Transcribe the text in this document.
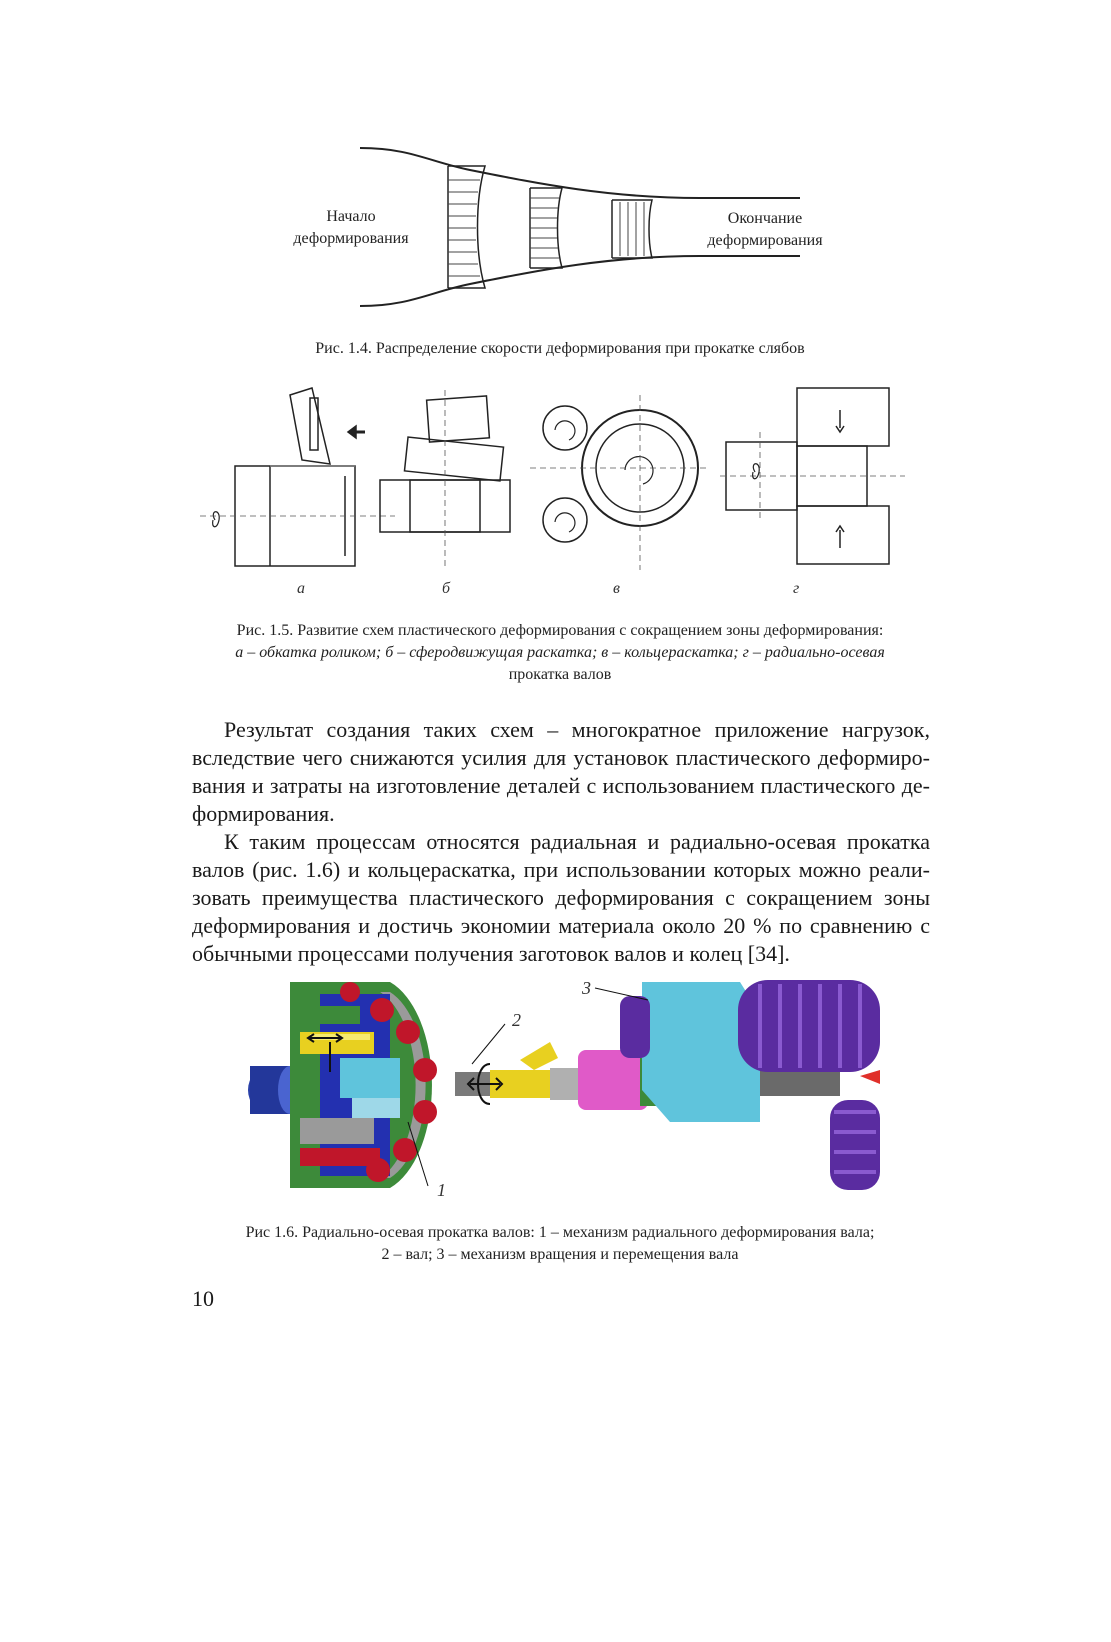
Начало
деформирования
Окончание
деформирования
Рис. 1.4. Распределение скорости деформирования при прокатке слябов
а	б	в	г
Рис. 1.5. Развитие схем пластического деформирования с сокращением зоны деформирования:
а – обкатка роликом; б – сферодвижущая раскатка; в – кольцераскатка; г – радиально-осевая
прокатка валов

Результат создания таких схем – многократное приложение нагрузок, вследствие чего снижаются усилия для установок пластического деформирования и затраты на изготовление деталей с использованием пластического деформирования.

К таким процессам относятся радиальная и радиально-осевая прокатка валов (рис. 1.6) и кольцераскатка, при использовании которых можно реализовать преимущества пластического деформирования с сокращением зоны деформирования и достичь экономии материала около 20 % по сравнению с обычными процессами получения заготовок валов и колец [34].

3
2
1
Рис 1.6. Радиально-осевая прокатка валов: 1 – механизм радиального деформирования вала;
2 – вал; 3 – механизм вращения и перемещения вала
10
